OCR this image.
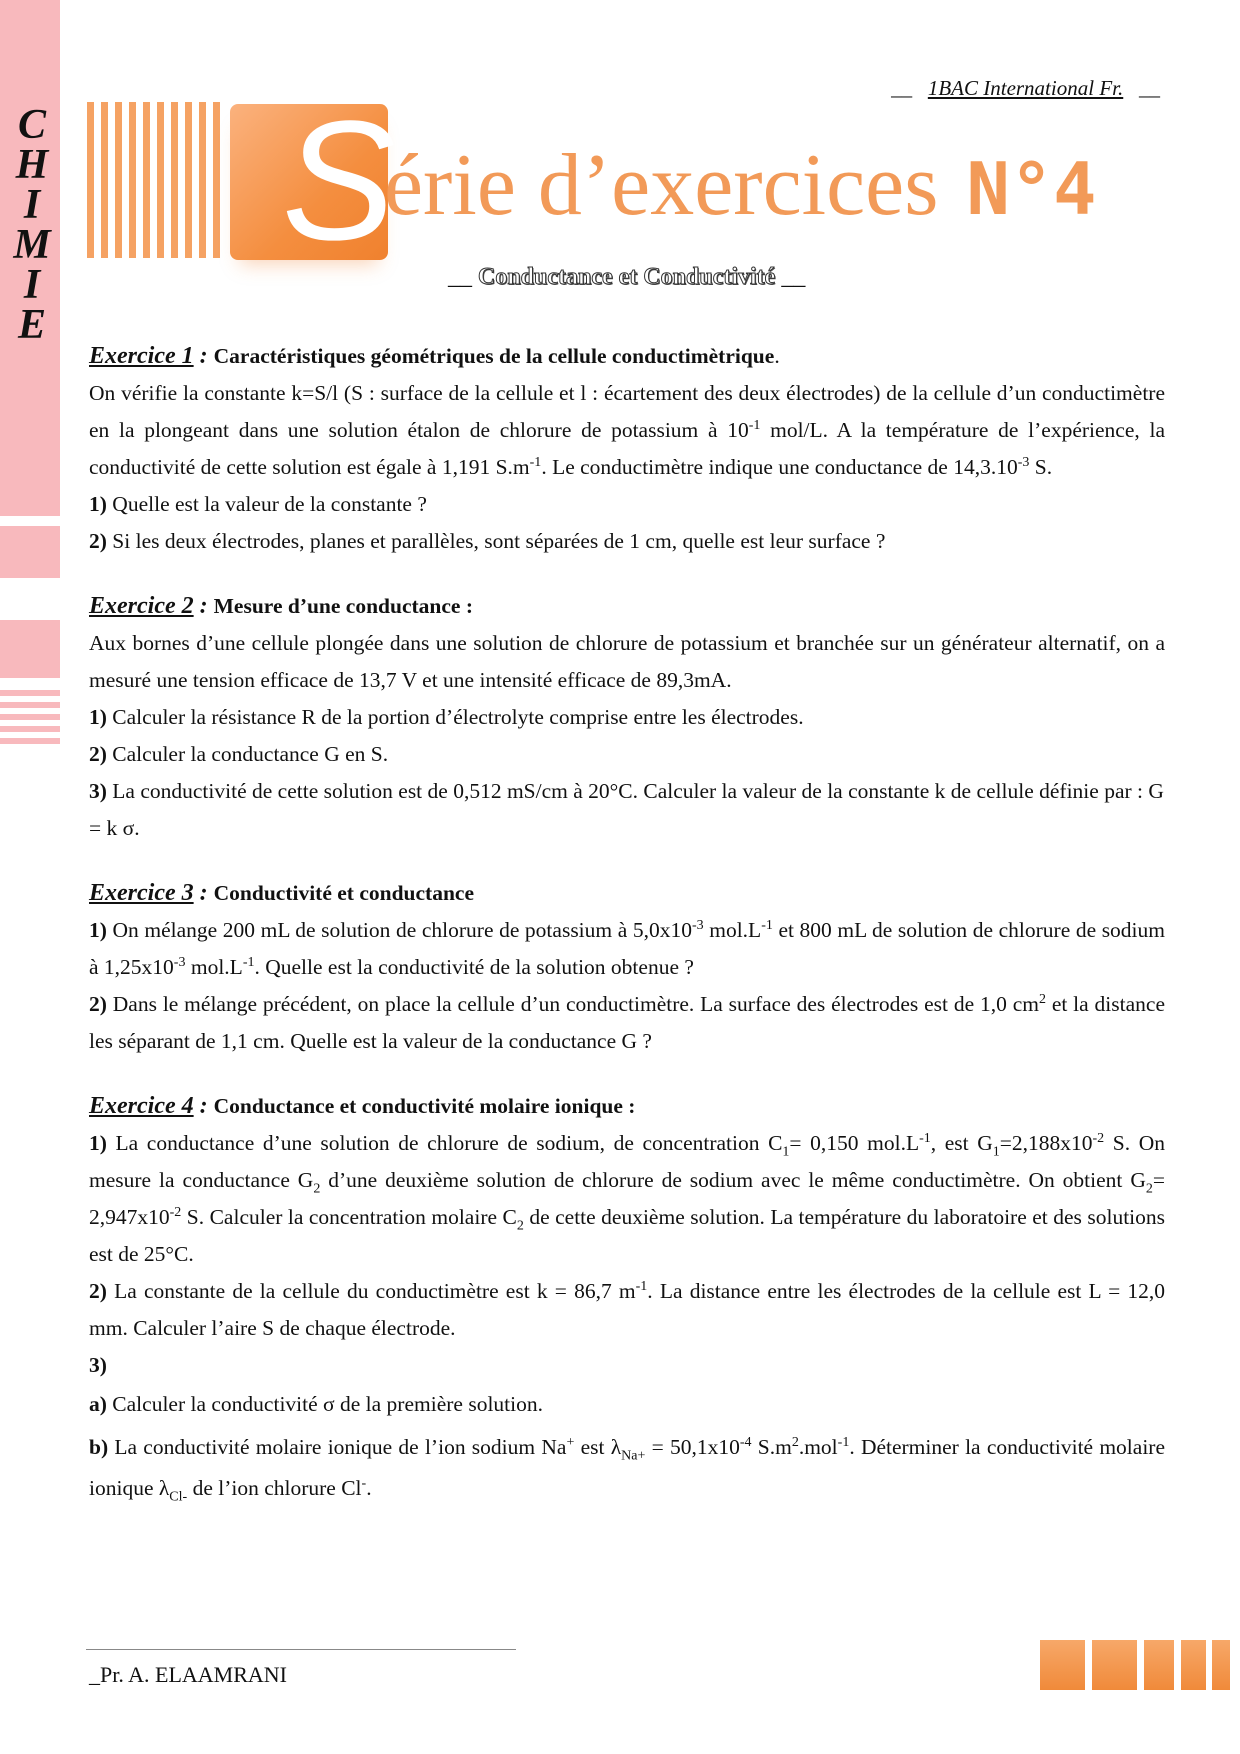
C
H
I
M
I
E
__ 1BAC International Fr. __
S
érie d’exercices N°4
__ Conductance et Conductivité __

Exercice 1 : Caractéristiques géométriques de la cellule conductimètrique.

On vérifie la constante k=S/l (S : surface de la cellule et l : écartement des deux électrodes) de la cellule d’un conductimètre en la plongeant dans une solution étalon de chlorure de potassium à $10^{-1}$ mol/L. A la température de l’expérience, la conductivité de cette solution est égale à 1,191 $S.m^{-1}$. Le conductimètre indique une conductance de $14,3.10^{-3}$ S.

1) Quelle est la valeur de la constante ?

2) Si les deux électrodes, planes et parallèles, sont séparées de 1 cm, quelle est leur surface ?

Exercice 2 : Mesure d’une conductance :

Aux bornes d’une cellule plongée dans une solution de chlorure de potassium et branchée sur un générateur alternatif, on a mesuré une tension efficace de 13,7 V et une intensité efficace de 89,3mA.

1) Calculer la résistance R de la portion d’électrolyte comprise entre les électrodes.

2) Calculer la conductance G en S.

3) La conductivité de cette solution est de 0,512 mS/cm à 20°C. Calculer la valeur de la constante k de cellule définie par : G = k σ.

Exercice 3 : Conductivité et conductance

1) On mélange 200 mL de solution de chlorure de potassium à $5,0x10^{-3}$ $mol.L^{-1}$ et 800 mL de solution de chlorure de sodium à $1,25x10^{-3}$ $mol.L^{-1}$. Quelle est la conductivité de la solution obtenue ?

2) Dans le mélange précédent, on place la cellule d’un conductimètre. La surface des électrodes est de 1,0 $cm^2$ et la distance les séparant de 1,1 cm. Quelle est la valeur de la conductance G ?

Exercice 4 : Conductance et conductivité molaire ionique :

1) La conductance d’une solution de chlorure de sodium, de concentration $C_1= 0,150$ $mol.L^{-1}$, est $G_1=2,188x10^{-2}$ S. On mesure la conductance $G_2$ d’une deuxième solution de chlorure de sodium avec le même conductimètre. On obtient $G_2= 2,947x10^{-2}$ S. Calculer la concentration molaire $C_2$ de cette deuxième solution. La température du laboratoire et des solutions est de 25°C.

2) La constante de la cellule du conductimètre est k = 86,7 $m^{-1}$. La distance entre les électrodes de la cellule est L = 12,0 mm. Calculer l’aire S de chaque électrode.

3)

a) Calculer la conductivité σ de la première solution.

b) La conductivité molaire ionique de l’ion sodium Na+ est $\lambda_{Na+} = 50,1x10^{-4}$ $S.m^2.mol^{-1}$. Déterminer la conductivité molaire ionique $\lambda_{Cl-}$ de l’ion chlorure Cl-.

_Pr. A. ELAAMRANI
